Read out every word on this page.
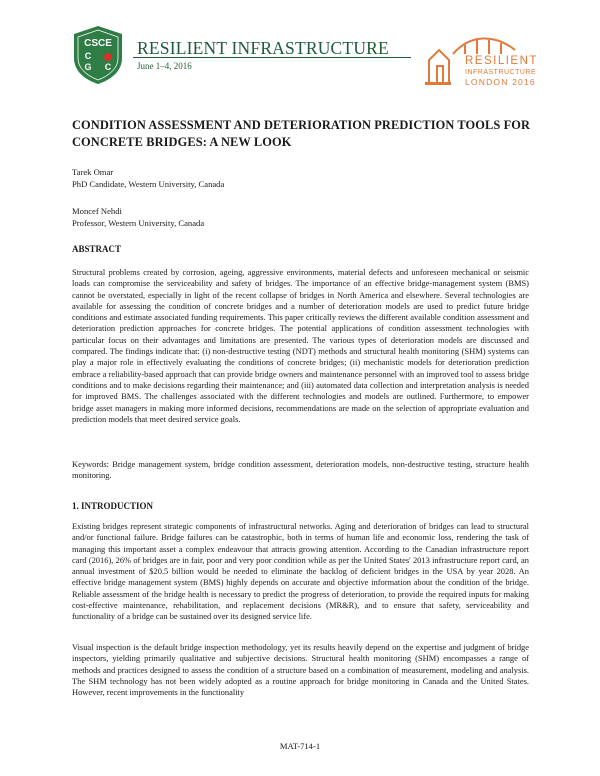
CSCE
C
G C
RESILIENT INFRASTRUCTURE
June 1–4, 2016	RESILIENT
INFRASTRUCTURE
LONDON 2016
CONDITION ASSESSMENT AND DETERIORATION PREDICTION TOOLS FOR CONCRETE BRIDGES: A NEW LOOK
Tarek Omar
PhD Candidate, Western University, Canada
Moncef Nehdi
Professor, Western University, Canada
ABSTRACT

Structural problems created by corrosion, ageing, aggressive environments, material defects and unforeseen mechanical or seismic loads can compromise the serviceability and safety of bridges. The importance of an effective bridge-management system (BMS) cannot be overstated, especially in light of the recent collapse of bridges in North America and elsewhere. Several technologies are available for assessing the condition of concrete bridges and a number of deterioration models are used to predict future bridge conditions and estimate associated funding requirements. This paper critically reviews the different available condition assessment and deterioration prediction approaches for concrete bridges. The potential applications of condition assessment technologies with particular focus on their advantages and limitations are presented. The various types of deterioration models are discussed and compared. The findings indicate that: (i) non-destructive testing (NDT) methods and structural health monitoring (SHM) systems can play a major role in effectively evaluating the conditions of concrete bridges; (ii) mechanistic models for deterioration prediction embrace a reliability-based approach that can provide bridge owners and maintenance personnel with an improved tool to assess bridge conditions and to make decisions regarding their maintenance; and (iii) automated data collection and interpretation analysis is needed for improved BMS. The challenges associated with the different technologies and models are outlined. Furthermore, to empower bridge asset managers in making more informed decisions, recommendations are made on the selection of appropriate evaluation and prediction models that meet desired service goals.

Keywords: Bridge management system, bridge condition assessment, deterioration models, non-destructive testing, structure health monitoring.

1. INTRODUCTION

Existing bridges represent strategic components of infrastructural networks. Aging and deterioration of bridges can lead to structural and/or functional failure. Bridge failures can be catastrophic, both in terms of human life and economic loss, rendering the task of managing this important asset a complex endeavour that attracts growing attention. According to the Canadian infrastructure report card (2016), 26% of bridges are in fair, poor and very poor condition while as per the United States' 2013 infrastructure report card, an annual investment of $20.5 billion would be needed to eliminate the backlog of deficient bridges in the USA by year 2028. An effective bridge management system (BMS) highly depends on accurate and objective information about the condition of the bridge. Reliable assessment of the bridge health is necessary to predict the progress of deterioration, to provide the required inputs for making cost-effective maintenance, rehabilitation, and replacement decisions (MR&R), and to ensure that safety, serviceability and functionality of a bridge can be sustained over its designed service life.

Visual inspection is the default bridge inspection methodology, yet its results heavily depend on the expertise and judgment of bridge inspectors, yielding primarily qualitative and subjective decisions. Structural health monitoring (SHM) encompasses a range of methods and practices designed to assess the condition of a structure based on a combination of measurement, modeling and analysis. The SHM technology has not been widely adopted as a routine approach for bridge monitoring in Canada and the United States. However, recent improvements in the functionality

MAT-714-1
